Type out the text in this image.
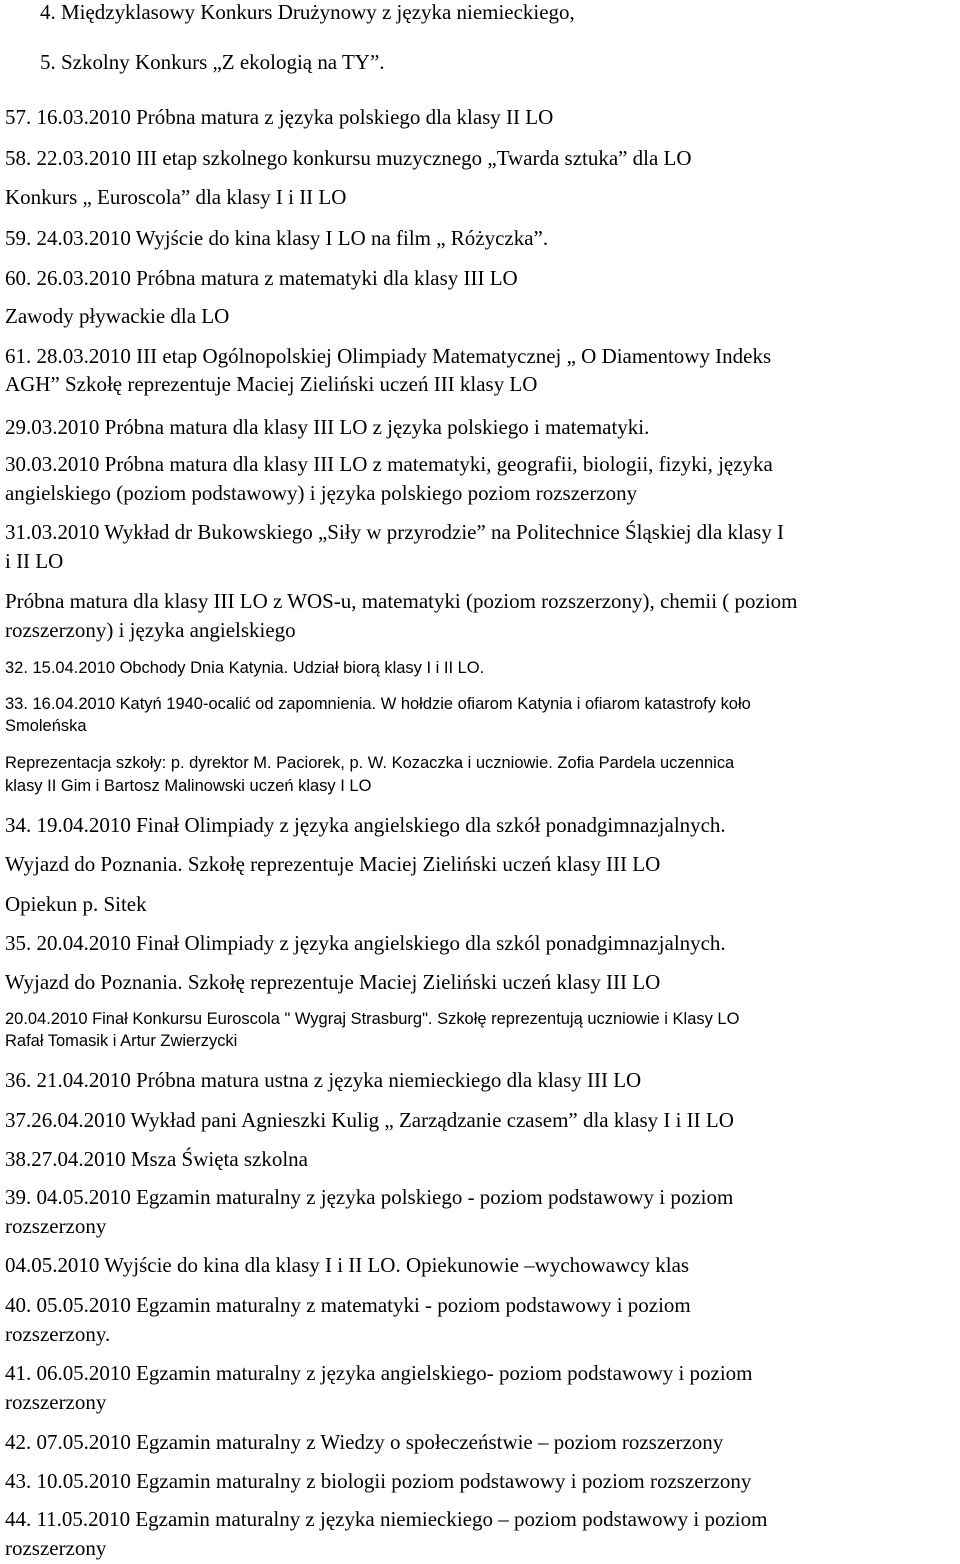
4. Międzyklasowy Konkurs Drużynowy z języka niemieckiego,

5. Szkolny Konkurs „Z ekologią na TY”.

57. 16.03.2010 Próbna matura z języka polskiego dla klasy II LO

58. 22.03.2010 III etap szkolnego konkursu muzycznego „Twarda sztuka” dla LO

Konkurs „ Euroscola” dla klasy I i II LO

59. 24.03.2010 Wyjście do kina klasy I LO na film „ Różyczka”.

60. 26.03.2010 Próbna matura z matematyki dla klasy III LO

Zawody pływackie dla LO

61. 28.03.2010 III etap Ogólnopolskiej Olimpiady Matematycznej „ O Diamentowy Indeks

AGH” Szkołę reprezentuje Maciej Zieliński uczeń III klasy LO

29.03.2010 Próbna matura dla klasy III LO z języka polskiego i matematyki.

30.03.2010 Próbna matura dla klasy III LO z matematyki, geografii, biologii, fizyki, języka

angielskiego (poziom podstawowy) i języka polskiego poziom rozszerzony

31.03.2010 Wykład dr Bukowskiego „Siły w przyrodzie” na Politechnice Śląskiej dla klasy I

i II LO

Próbna matura dla klasy III LO z WOS-u, matematyki (poziom rozszerzony), chemii ( poziom

rozszerzony) i języka angielskiego

32. 15.04.2010 Obchody Dnia Katynia. Udział biorą klasy I i II LO.

33. 16.04.2010 Katyń 1940-ocalić od zapomnienia. W hołdzie ofiarom Katynia i ofiarom katastrofy koło

Smoleńska

Reprezentacja szkoły: p. dyrektor M. Paciorek, p. W. Kozaczka i uczniowie. Zofia Pardela uczennica

klasy II Gim i Bartosz Malinowski uczeń klasy I LO

34. 19.04.2010 Finał Olimpiady z języka angielskiego dla szkół ponadgimnazjalnych.

Wyjazd do Poznania. Szkołę reprezentuje Maciej Zieliński uczeń klasy III LO

Opiekun p. Sitek

35. 20.04.2010 Finał Olimpiady z języka angielskiego dla szkól ponadgimnazjalnych.

Wyjazd do Poznania. Szkołę reprezentuje Maciej Zieliński uczeń klasy III LO

20.04.2010 Finał Konkursu Euroscola " Wygraj Strasburg". Szkołę reprezentują uczniowie i Klasy LO

Rafał Tomasik i Artur Zwierzycki

36. 21.04.2010 Próbna matura ustna z języka niemieckiego dla klasy III LO

37.26.04.2010 Wykład pani Agnieszki Kulig „ Zarządzanie czasem” dla klasy I i II LO

38.27.04.2010 Msza Święta szkolna

39. 04.05.2010 Egzamin maturalny z języka polskiego - poziom podstawowy i poziom

rozszerzony

04.05.2010 Wyjście do kina dla klasy I i II LO. Opiekunowie –wychowawcy klas

40. 05.05.2010 Egzamin maturalny z matematyki - poziom podstawowy i poziom

rozszerzony.

41. 06.05.2010 Egzamin maturalny z języka angielskiego- poziom podstawowy i poziom

rozszerzony

42. 07.05.2010 Egzamin maturalny z Wiedzy o społeczeństwie – poziom rozszerzony

43. 10.05.2010 Egzamin maturalny z biologii poziom podstawowy i poziom rozszerzony

44. 11.05.2010 Egzamin maturalny z języka niemieckiego – poziom podstawowy i poziom

rozszerzony
